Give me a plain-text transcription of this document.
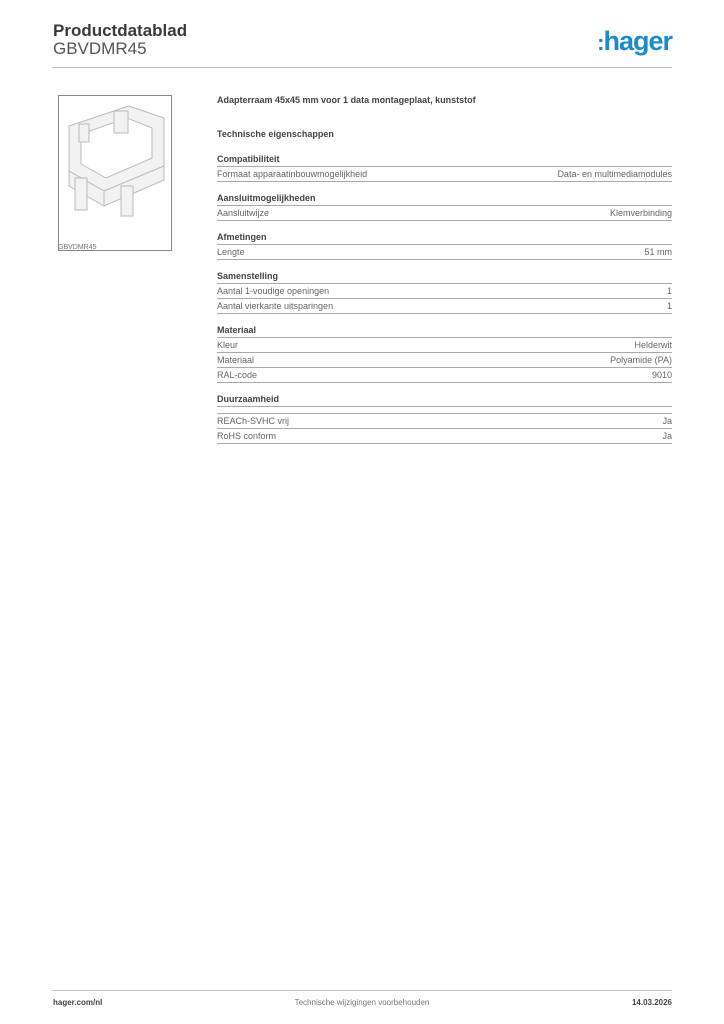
Productdatablad
GBVDMR45	:hager
GBVDMR45
Adapterraam 45x45 mm voor 1 data montageplaat, kunststof
Technische eigenschappen
Compatibiliteit
Formaat apparaatinbouwmogelijkheid	Data- en multimediamodules
Aansluitmogelijkheden
Aansluitwijze	Klemverbinding
Afmetingen
Lengte	51 mm
Samenstelling
Aantal 1-voudige openingen	1
Aantal vierkante uitsparingen	1
Materiaal
Kleur	Helderwit
Materiaal	Polyamide (PA)
RAL-code	9010
Duurzaamheid
REACh-SVHC vrij	Ja
RoHS conform	Ja
hager.com/nl	Technische wijzigingen voorbehouden	14.03.2026
